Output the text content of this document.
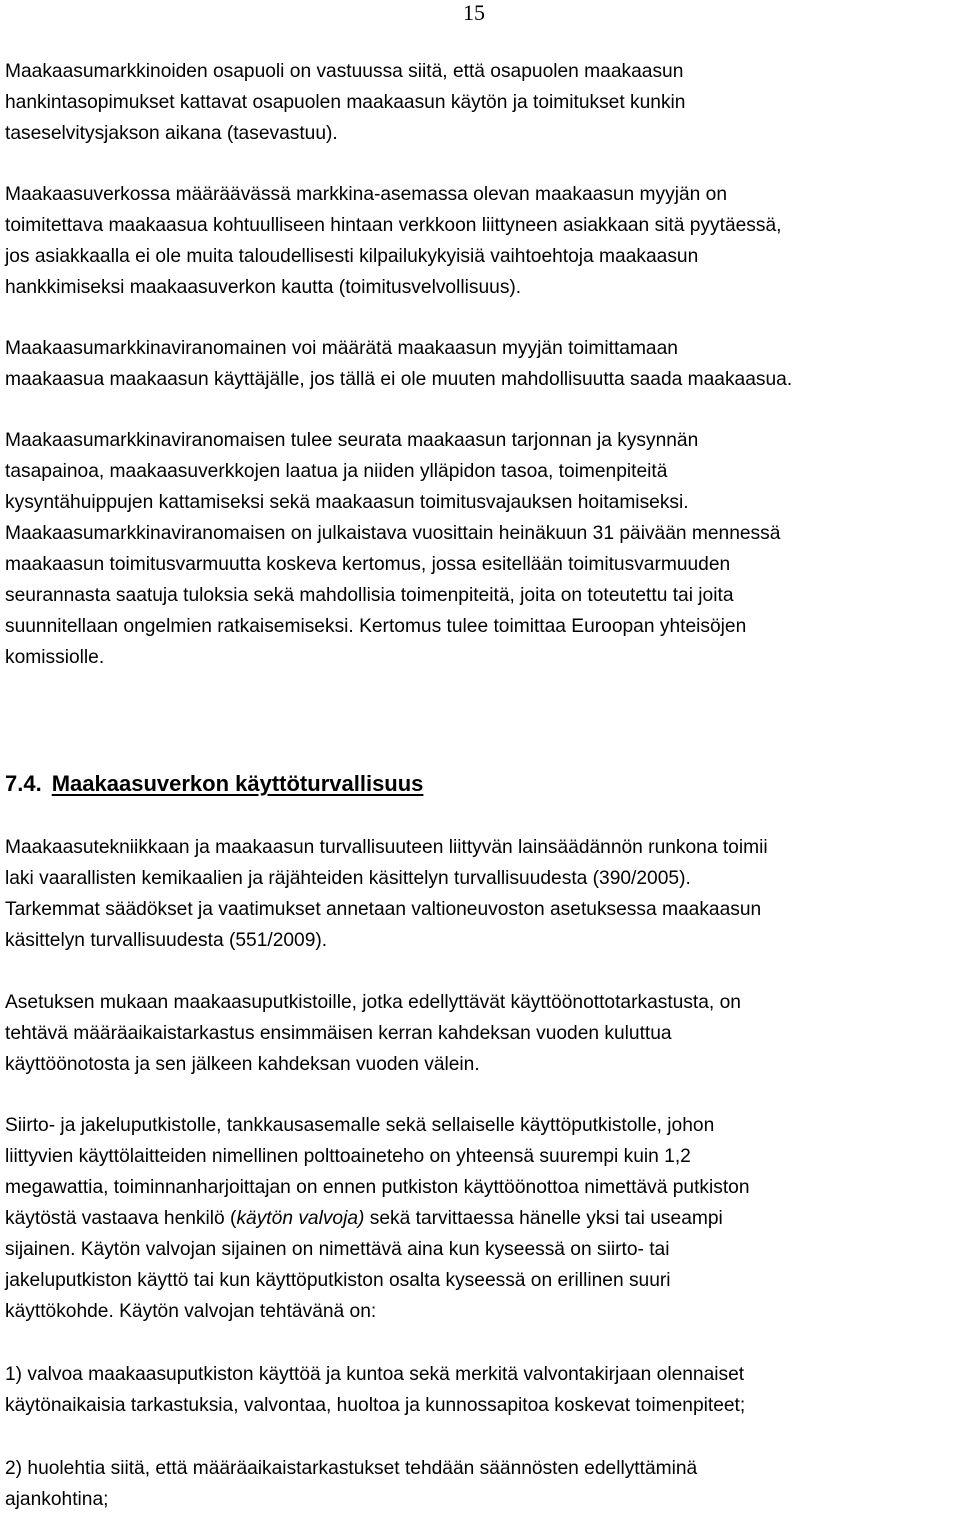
15
Maakaasumarkkinoiden osapuoli on vastuussa siitä, että osapuolen maakaasun
hankintasopimukset kattavat osapuolen maakaasun käytön ja toimitukset kunkin
taseselvitysjakson aikana (tasevastuu).
Maakaasuverkossa määräävässä markkina-asemassa olevan maakaasun myyjän on
toimitettava maakaasua kohtuulliseen hintaan verkkoon liittyneen asiakkaan sitä pyytäessä,
jos asiakkaalla ei ole muita taloudellisesti kilpailukykyisiä vaihtoehtoja maakaasun
hankkimiseksi maakaasuverkon kautta (toimitusvelvollisuus).
Maakaasumarkkinaviranomainen voi määrätä maakaasun myyjän toimittamaan
maakaasua maakaasun käyttäjälle, jos tällä ei ole muuten mahdollisuutta saada maakaasua.
Maakaasumarkkinaviranomaisen tulee seurata maakaasun tarjonnan ja kysynnän
tasapainoa, maakaasuverkkojen laatua ja niiden ylläpidon tasoa, toimenpiteitä
kysyntähuippujen kattamiseksi sekä maakaasun toimitusvajauksen hoitamiseksi.
Maakaasumarkkinaviranomaisen on julkaistava vuosittain heinäkuun 31 päivään mennessä
maakaasun toimitusvarmuutta koskeva kertomus, jossa esitellään toimitusvarmuuden
seurannasta saatuja tuloksia sekä mahdollisia toimenpiteitä, joita on toteutettu tai joita
suunnitellaan ongelmien ratkaisemiseksi. Kertomus tulee toimittaa Euroopan yhteisöjen
komissiolle.
7.4. Maakaasuverkon käyttöturvallisuus
Maakaasutekniikkaan ja maakaasun turvallisuuteen liittyvän lainsäädännön runkona toimii
laki vaarallisten kemikaalien ja räjähteiden käsittelyn turvallisuudesta (390/2005).
Tarkemmat säädökset ja vaatimukset annetaan valtioneuvoston asetuksessa maakaasun
käsittelyn turvallisuudesta (551/2009).
Asetuksen mukaan maakaasuputkistoille, jotka edellyttävät käyttöönottotarkastusta, on
tehtävä määräaikaistarkastus ensimmäisen kerran kahdeksan vuoden kuluttua
käyttöönotosta ja sen jälkeen kahdeksan vuoden välein.
Siirto- ja jakeluputkistolle, tankkausasemalle sekä sellaiselle käyttöputkistolle, johon
liittyvien käyttölaitteiden nimellinen polttoaineteho on yhteensä suurempi kuin 1,2
megawattia, toiminnanharjoittajan on ennen putkiston käyttöönottoa nimettävä putkiston
käytöstä vastaava henkilö (käytön valvoja) sekä tarvittaessa hänelle yksi tai useampi
sijainen. Käytön valvojan sijainen on nimettävä aina kun kyseessä on siirto- tai
jakeluputkiston käyttö tai kun käyttöputkiston osalta kyseessä on erillinen suuri
käyttökohde. Käytön valvojan tehtävänä on:
1) valvoa maakaasuputkiston käyttöä ja kuntoa sekä merkitä valvontakirjaan olennaiset
käytönaikaisia tarkastuksia, valvontaa, huoltoa ja kunnossapitoa koskevat toimenpiteet;
2) huolehtia siitä, että määräaikaistarkastukset tehdään säännösten edellyttäminä
ajankohtina;
